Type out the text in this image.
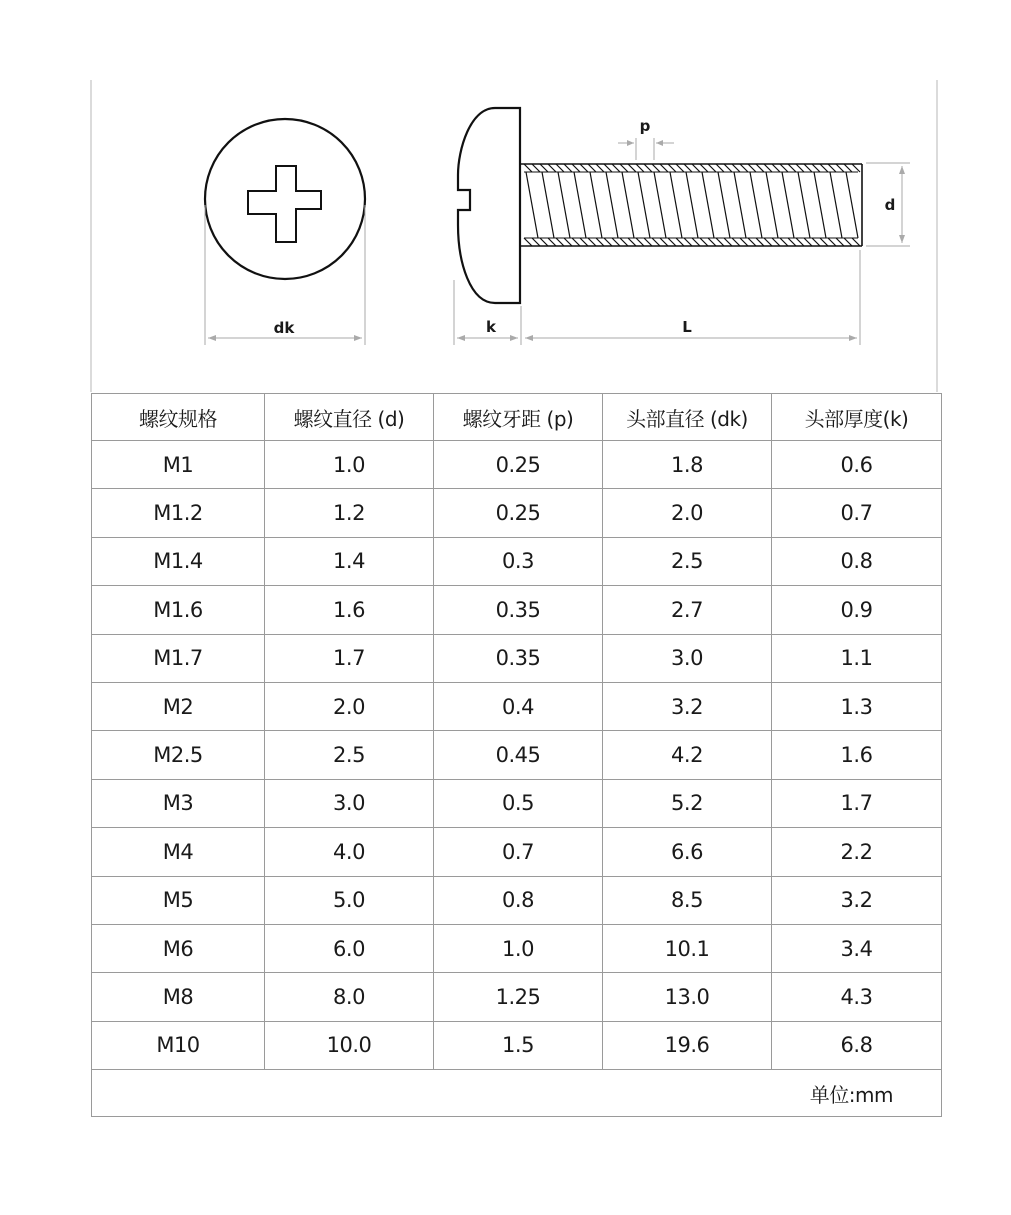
dk	k	L
p
d
螺纹规格	螺纹直径 (d)	螺纹牙距 (p)	头部直径 (dk)	头部厚度(k)
M1	1.0	0.25	1.8	0.6
M1.2	1.2	0.25	2.0	0.7
M1.4	1.4	0.3	2.5	0.8
M1.6	1.6	0.35	2.7	0.9
M1.7	1.7	0.35	3.0	1.1
M2	2.0	0.4	3.2	1.3
M2.5	2.5	0.45	4.2	1.6
M3	3.0	0.5	5.2	1.7
M4	4.0	0.7	6.6	2.2
M5	5.0	0.8	8.5	3.2
M6	6.0	1.0	10.1	3.4
M8	8.0	1.25	13.0	4.3
M10	10.0	1.5	19.6	6.8
单位:mm				
